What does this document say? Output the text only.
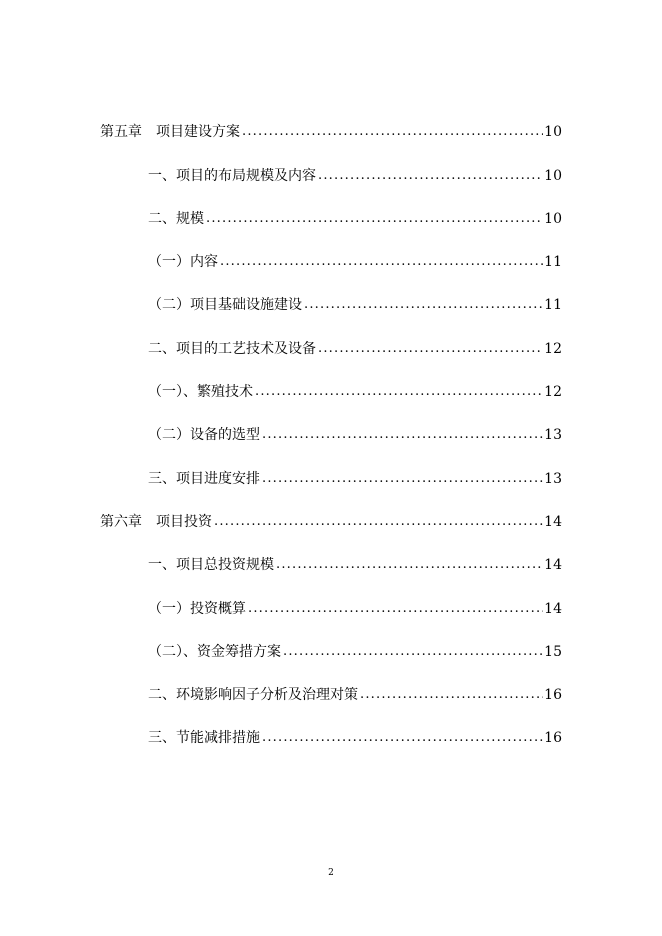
第五章　项目建设方案 .....	10
一、项目的布局规模及内容 .....	10
二、规模 .....	10
（一）内容 .....	11
（二）项目基础设施建设 .....	11
二、项目的工艺技术及设备 .....	12
（一）、繁殖技术 .....	12
（二）设备的选型 .....	13
三、项目进度安排 .....	13
第六章　项目投资 .....	14
一、项目总投资规模 .....	14
（一）投资概算 .....	14
（二）、资金筹措方案 .....	15
二、环境影响因子分析及治理对策 .....	16
三、节能减排措施 .....	16
2
